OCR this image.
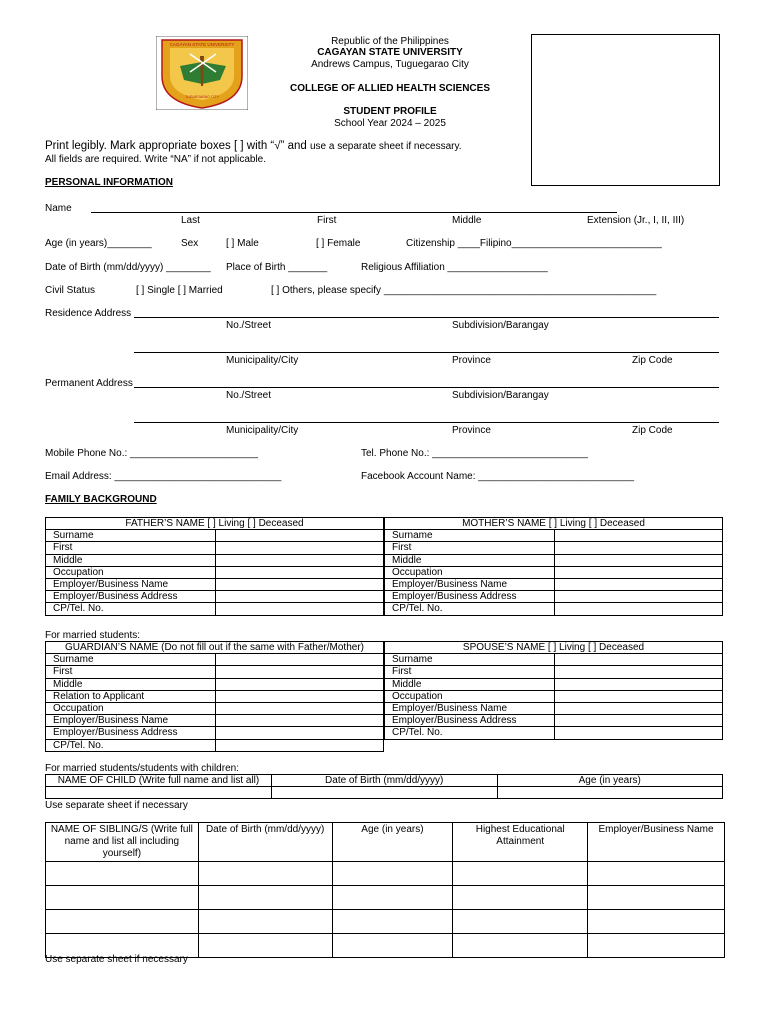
CAGAYAN STATE UNIVERSITY
TUGUEGARAO CITY
Republic of the Philippines
CAGAYAN STATE UNIVERSITY
Andrews Campus, Tuguegarao City
COLLEGE OF ALLIED HEALTH SCIENCES
STUDENT PROFILE
School Year 2024 – 2025
Print legibly. Mark appropriate boxes [ ] with “√” and use a separate sheet if necessary.
All fields are required. Write “NA” if not applicable.
PERSONAL INFORMATION
Name
Last	First	Middle	Extension (Jr., I, II, III)
Age (in years)________	Sex	[ ] Male	[ ] Female	Citizenship ____Filipino___________________________
Date of Birth (mm/dd/yyyy) ________ Place of Birth _______	Religious Affiliation __________________
Civil Status	[ ] Single [ ] Married	[ ] Others, please specify _________________________________________________
Residence Address
No./Street	Subdivision/Barangay
Municipality/City	Province	Zip Code
Permanent Address
No./Street	Subdivision/Barangay
Municipality/City	Province	Zip Code
Mobile Phone No.: _______________________	Tel. Phone No.: ____________________________
Email Address: ______________________________	Facebook Account Name: ____________________________
FAMILY BACKGROUND
FATHER’S NAME [ ] Living [ ] Deceased	
Surname	
First	
Middle	
Occupation	
Employer/Business Name	
Employer/Business Address	
CP/Tel. No.	
MOTHER’S NAME [ ] Living [ ] Deceased	
Surname	
First	
Middle	
Occupation	
Employer/Business Name	
Employer/Business Address	
CP/Tel. No.	
For married students:
GUARDIAN’S NAME (Do not fill out if the same with Father/Mother)	
Surname	
First	
Middle	
Relation to Applicant	
Occupation	
Employer/Business Name	
Employer/Business Address	
CP/Tel. No.	
SPOUSE’S NAME [ ] Living [ ] Deceased	
Surname	
First	
Middle	
Occupation	
Employer/Business Name	
Employer/Business Address	
CP/Tel. No.	
For married students/students with children:
NAME OF CHILD (Write full name and list all)	Date of Birth (mm/dd/yyyy)	Age (in years)

Use separate sheet if necessary
NAME OF SIBLING/S (Write full name and list all including yourself)	Date of Birth (mm/dd/yyyy)	Age (in years)	Highest Educational Attainment	Employer/Business Name

Use separate sheet if necessary
